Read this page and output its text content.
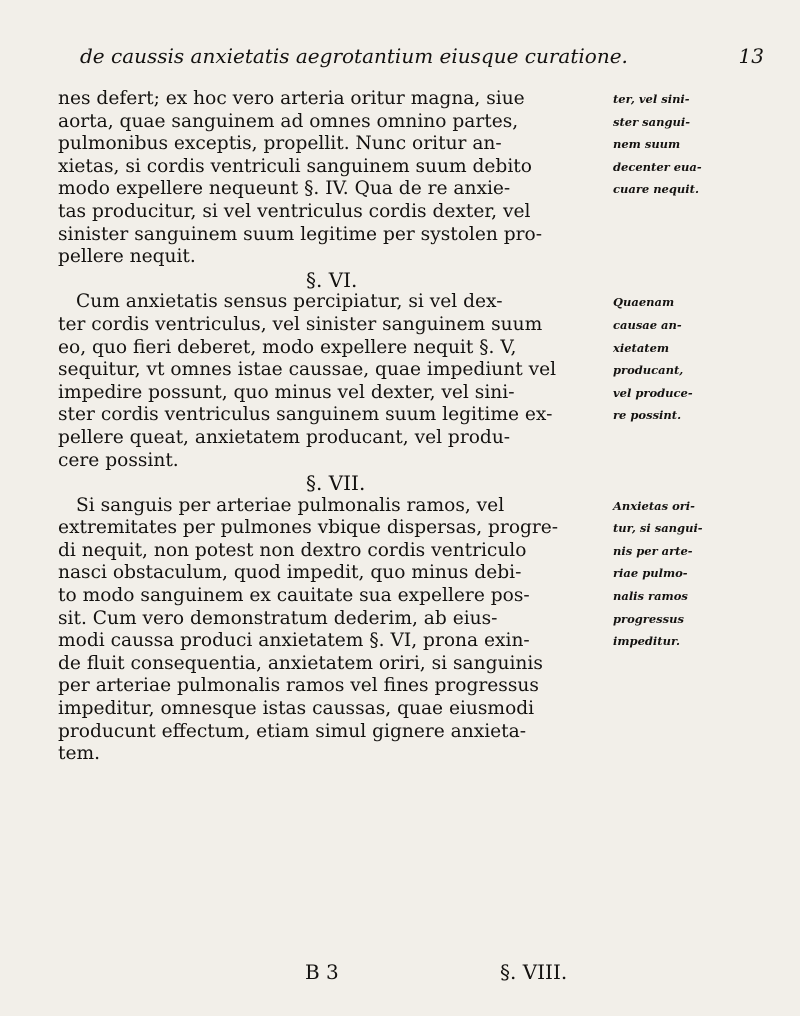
de caussis anxietatis aegrotantium eiusque curatione.	13
nes defert; ex hoc vero arteria oritur magna, siue	ter, vel sini-
aorta, quae sanguinem ad omnes omnino partes,	ster sangui-
pulmonibus exceptis, propellit. Nunc oritur an-	nem suum
xietas, si cordis ventriculi sanguinem suum debito	decenter eua-
modo expellere nequeunt §. IV. Qua de re anxie-	cuare nequit.
tas producitur, si vel ventriculus cordis dexter, vel
sinister sanguinem suum legitime per systolen pro-
pellere nequit.
§. VI.
Cum anxietatis sensus percipiatur, si vel dex-	Quaenam
ter cordis ventriculus, vel sinister sanguinem suum	causae an-
eo, quo fieri deberet, modo expellere nequit §. V,	xietatem
sequitur, vt omnes istae caussae, quae impediunt vel	producant,
impedire possunt, quo minus vel dexter, vel sini-	vel produce-
ster cordis ventriculus sanguinem suum legitime ex-	re possint.
pellere queat, anxietatem producant, vel produ-
cere possint.
§. VII.
Si sanguis per arteriae pulmonalis ramos, vel	Anxietas ori-
extremitates per pulmones vbique dispersas, progre-	tur, si sangui-
di nequit, non potest non dextro cordis ventriculo	nis per arte-
nasci obstaculum, quod impedit, quo minus debi-	riae pulmo-
to modo sanguinem ex cauitate sua expellere pos-	nalis ramos
sit. Cum vero demonstratum dederim, ab eius-	progressus
modi caussa produci anxietatem §. VI, prona exin-	impeditur.
de fluit consequentia, anxietatem oriri, si sanguinis
per arteriae pulmonalis ramos vel fines progressus
impeditur, omnesque istas caussas, quae eiusmodi
producunt effectum, etiam simul gignere anxieta-
tem.
B 3	§. VIII.
